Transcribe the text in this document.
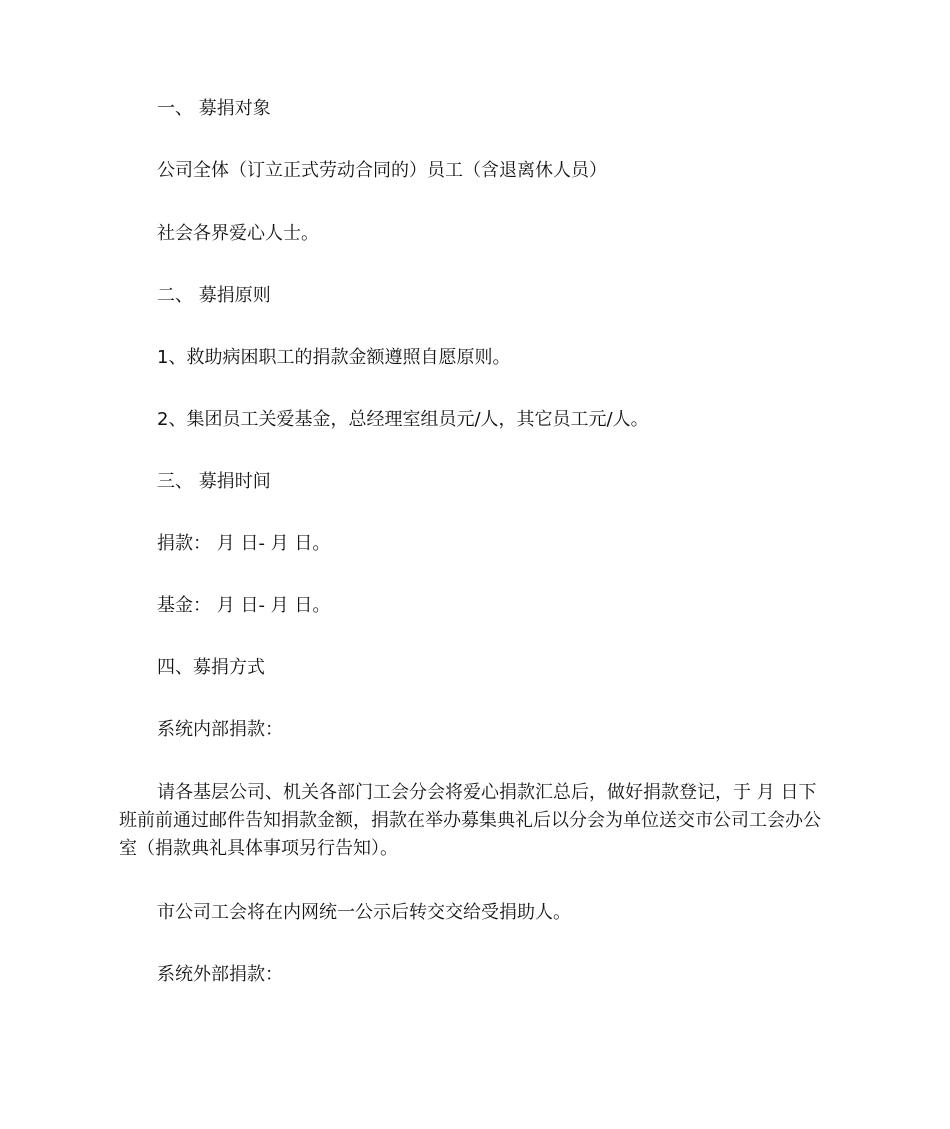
一、 募捐对象

公司全体（订立正式劳动合同的）员工（含退离休人员）

社会各界爱心人士。

二、 募捐原则

1、救助病困职工的捐款金额遵照自愿原则。

2、集团员工关爱基金，总经理室组员元/人，其它员工元/人。

三、 募捐时间

捐款： 月 日- 月 日。

基金： 月 日- 月 日。

四、募捐方式

系统内部捐款：

请各基层公司、机关各部门工会分会将爱心捐款汇总后，做好捐款登记，于 月 日下班前前通过邮件告知捐款金额，捐款在举办募集典礼后以分会为单位送交市公司工会办公室（捐款典礼具体事项另行告知）。

市公司工会将在内网统一公示后转交交给受捐助人。

系统外部捐款：
